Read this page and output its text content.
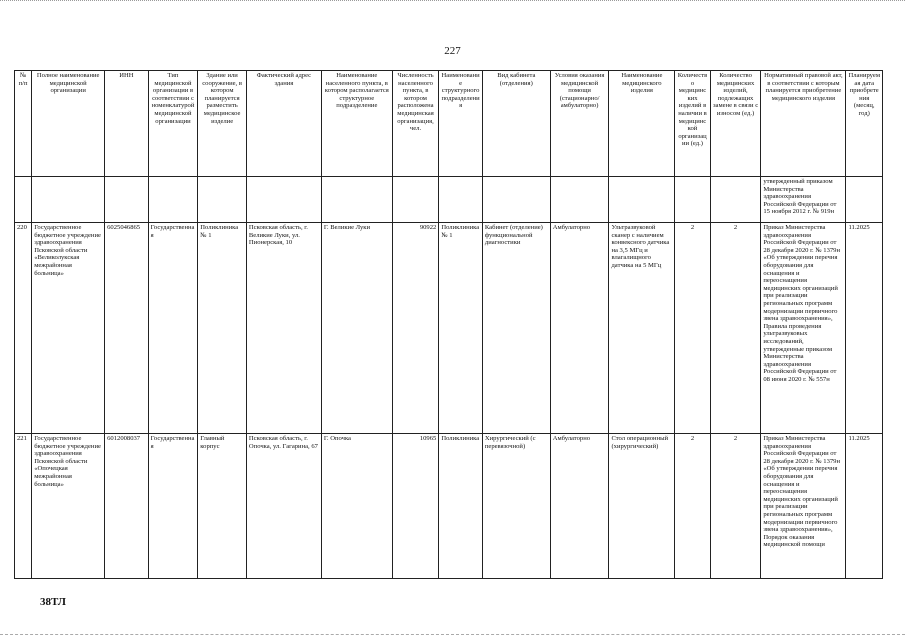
227
№ п/п	Полное наименование медицинской организации	ИНН	Тип медицинской организации в соответствии с номенклатурой медицинской организации	Здание или сооружение, в котором планируется разместить медицинское изделие	Фактический адрес здания	Наименование населенного пункта, в котором располагается структурное подразделение	Численность населенного пункта, в котором расположена медицинская организация, чел.	Наименование структурного подразделения	Вид кабинета (отделения)	Условия оказания медицинской помощи (стационарно/ амбулаторно)	Наименование медицинского изделия	Количество медицинских изделий в наличии в медицинской организации (ед.)	Количество медицинских изделий, подлежащих замене в связи с износом (ед.)	Нормативный правовой акт, в соответствии с которым планируется приобретение медицинского изделия	Планируемая дата приобретения (месяц, год)
														утвержденный приказом Министерства здравоохранения Российской Федерации от 15 ноября 2012 г. № 919н	
220	Государственное бюджетное учреждение здравоохранения Псковской области «Великолукская межрайонная больница»	6025046865	Государственная	Поликлиника № 1	Псковская область, г. Великие Луки, ул. Пионерская, 10	Г. Великие Луки	90922	Поликлиника № 1	Кабинет (отделение) функциональной диагностики	Амбулаторно	Ультразвуковой сканер с наличием конвексного датчика на 3,5 МГц и влагалищного датчика на 5 МГц	2	2	Приказ Министерства здравоохранения Российской Федерации от 28 декабря 2020 г. № 1379н «Об утверждении перечня оборудования для оснащения и переоснащения медицинских организаций при реализации региональных программ модернизации первичного звена здравоохранения», Правила проведения ультразвуковых исследований, утвержденные приказом Министерства здравоохранения Российской Федерации от 08 июня 2020 г. № 557н	11.2025
221	Государственное бюджетное учреждение здравоохранения Псковской области «Опочецкая межрайонная больница»	6012008037	Государственная	Главный корпус	Псковская область, г. Опочка, ул. Гагарина, 67	Г. Опочка	10965	Поликлиника	Хирургический (с перевязочной)	Амбулаторно	Стол операционный (хирургический)	2	2	Приказ Министерства здравоохранения Российской Федерации от 28 декабря 2020 г. № 1379н «Об утверждении перечня оборудования для оснащения и переоснащения медицинских организаций при реализации региональных программ модернизации первичного звена здравоохранения», Порядок оказания медицинской помощи	11.2025
38ТЛ
